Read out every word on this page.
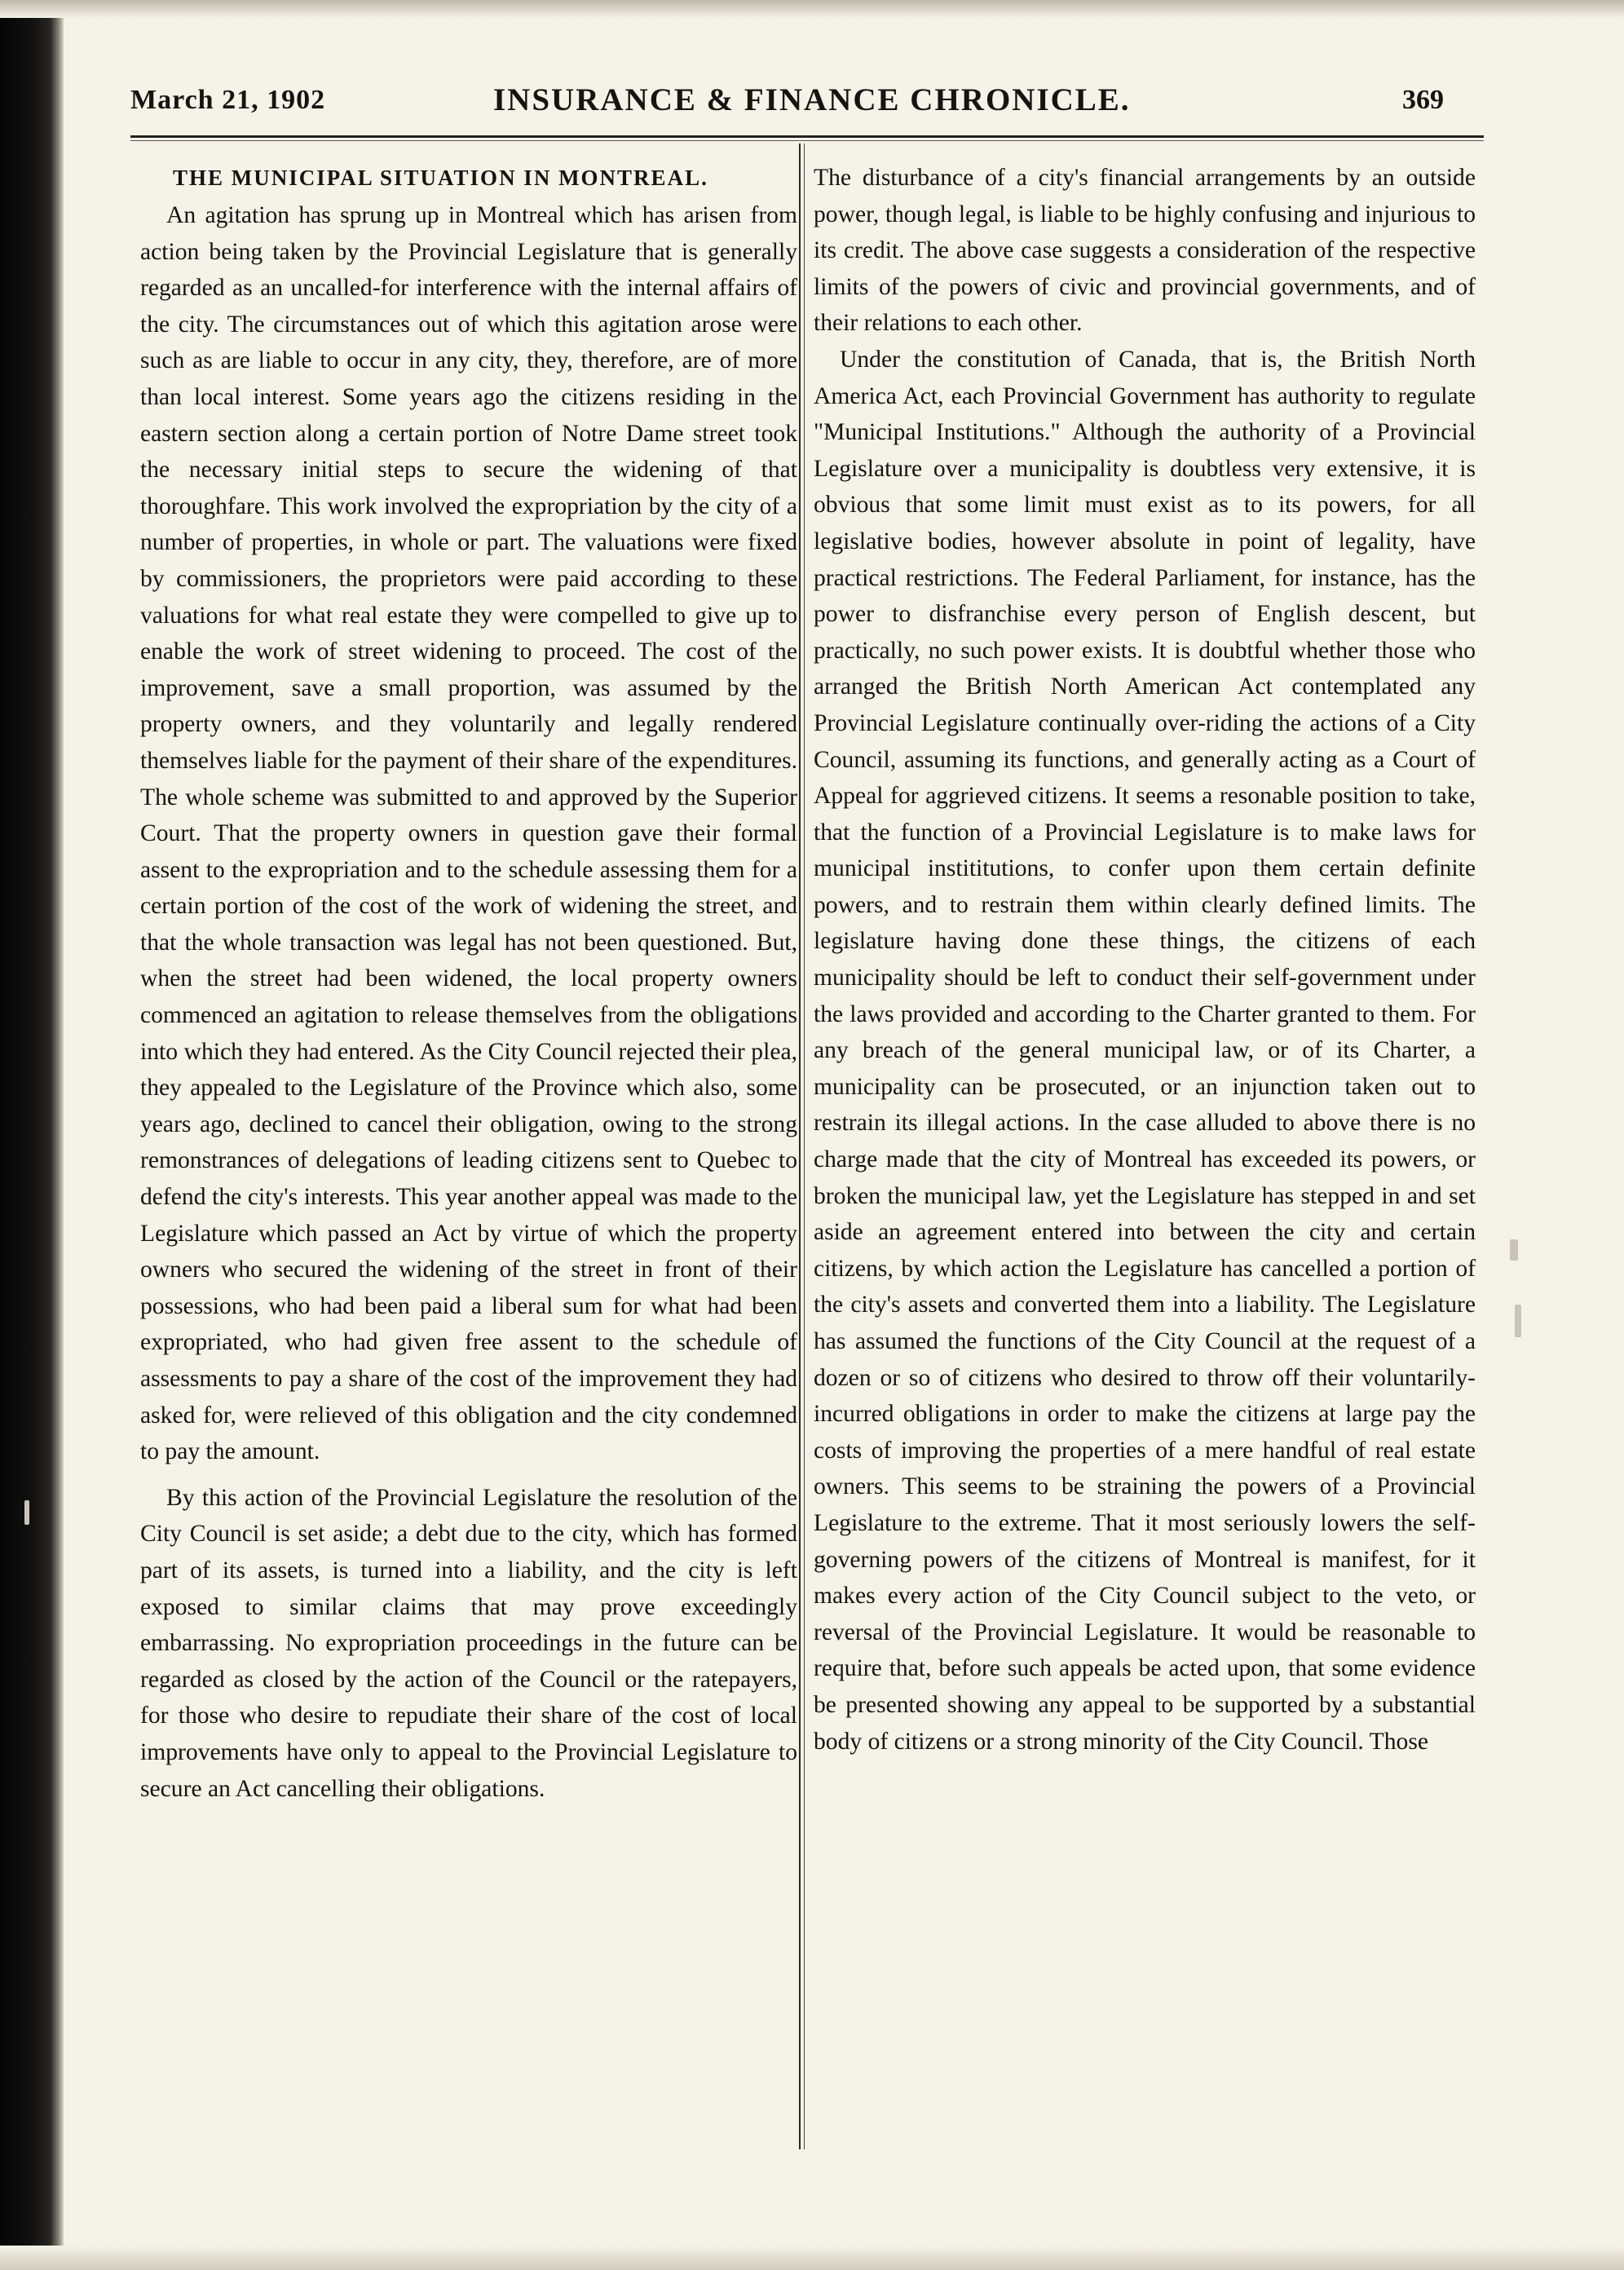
March 21, 1902	INSURANCE & FINANCE CHRONICLE.	369
THE MUNICIPAL SITUATION IN MONTREAL.

An agitation has sprung up in Montreal which has arisen from action being taken by the Provincial Legislature that is generally regarded as an uncalled-for interference with the internal affairs of the city. The circumstances out of which this agitation arose were such as are liable to occur in any city, they, therefore, are of more than local interest. Some years ago the citizens residing in the eastern section along a certain portion of Notre Dame street took the necessary initial steps to secure the widening of that thoroughfare. This work involved the expropriation by the city of a number of properties, in whole or part. The valuations were fixed by commissioners, the proprietors were paid according to these valuations for what real estate they were compelled to give up to enable the work of street widening to proceed. The cost of the improvement, save a small proportion, was assumed by the property owners, and they voluntarily and legally rendered themselves liable for the payment of their share of the expenditures. The whole scheme was submitted to and approved by the Superior Court. That the property owners in question gave their formal assent to the expropriation and to the schedule assessing them for a certain portion of the cost of the work of widening the street, and that the whole transaction was legal has not been questioned. But, when the street had been widened, the local property owners commenced an agitation to release themselves from the obligations into which they had entered. As the City Council rejected their plea, they appealed to the Legislature of the Province which also, some years ago, declined to cancel their obligation, owing to the strong remonstrances of delegations of leading citizens sent to Quebec to defend the city's interests. This year another appeal was made to the Legislature which passed an Act by virtue of which the property owners who secured the widening of the street in front of their possessions, who had been paid a liberal sum for what had been expropriated, who had given free assent to the schedule of assessments to pay a share of the cost of the improvement they had asked for, were relieved of this obligation and the city condemned to pay the amount.

By this action of the Provincial Legislature the resolution of the City Council is set aside; a debt due to the city, which has formed part of its assets, is turned into a liability, and the city is left exposed to similar claims that may prove exceedingly embarrassing. No expropriation proceedings in the future can be regarded as closed by the action of the Council or the ratepayers, for those who desire to repudiate their share of the cost of local improvements have only to appeal to the Provincial Legislature to secure an Act cancelling their obligations.

The disturbance of a city's financial arrangements by an outside power, though legal, is liable to be highly confusing and injurious to its credit. The above case suggests a consideration of the respective limits of the powers of civic and provincial governments, and of their relations to each other.

Under the constitution of Canada, that is, the British North America Act, each Provincial Government has authority to regulate "Municipal Institutions." Although the authority of a Provincial Legislature over a municipality is doubtless very extensive, it is obvious that some limit must exist as to its powers, for all legislative bodies, however absolute in point of legality, have practical restrictions. The Federal Parliament, for instance, has the power to disfranchise every person of English descent, but practically, no such power exists. It is doubtful whether those who arranged the British North American Act contemplated any Provincial Legislature continually over-riding the actions of a City Council, assuming its functions, and generally acting as a Court of Appeal for aggrieved citizens. It seems a resonable position to take, that the function of a Provincial Legislature is to make laws for municipal instititutions, to confer upon them certain definite powers, and to restrain them within clearly defined limits. The legislature having done these things, the citizens of each municipality should be left to conduct their self-government under the laws provided and according to the Charter granted to them. For any breach of the general municipal law, or of its Charter, a municipality can be prosecuted, or an injunction taken out to restrain its illegal actions. In the case alluded to above there is no charge made that the city of Montreal has exceeded its powers, or broken the municipal law, yet the Legislature has stepped in and set aside an agreement entered into between the city and certain citizens, by which action the Legislature has cancelled a portion of the city's assets and converted them into a liability. The Legislature has assumed the functions of the City Council at the request of a dozen or so of citizens who desired to throw off their voluntarily-incurred obligations in order to make the citizens at large pay the costs of improving the properties of a mere handful of real estate owners. This seems to be straining the powers of a Provincial Legislature to the extreme. That it most seriously lowers the self-governing powers of the citizens of Montreal is manifest, for it makes every action of the City Council subject to the veto, or reversal of the Provincial Legislature. It would be reasonable to require that, before such appeals be acted upon, that some evidence be presented showing any appeal to be supported by a substantial body of citizens or a strong minority of the City Council. Those
